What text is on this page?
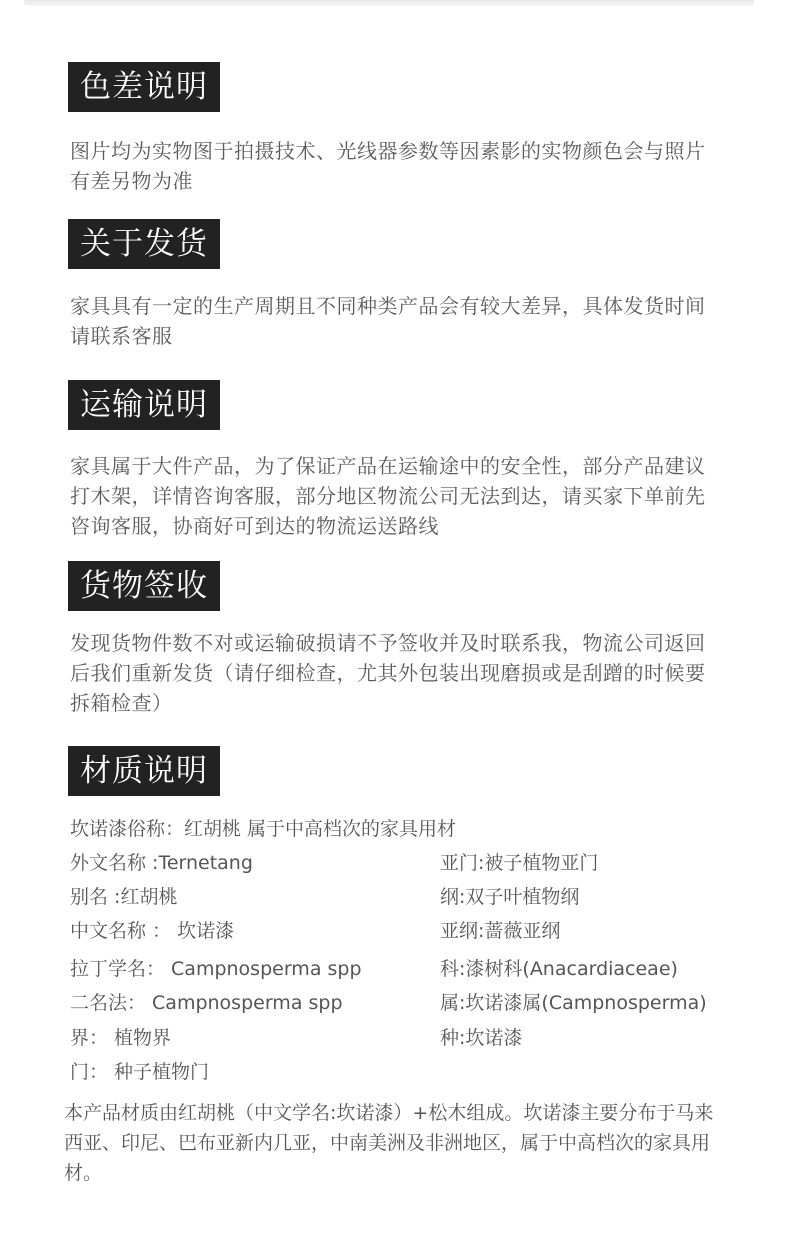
色差说明

图片均为实物图于拍摄技术、光线器参数等因素影的实物颜色会与照片有差另物为准

关于发货

家具具有一定的生产周期且不同种类产品会有较大差异，具体发货时间请联系客服

运输说明

家具属于大件产品，为了保证产品在运输途中的安全性，部分产品建议打木架，详情咨询客服，部分地区物流公司无法到达，请买家下单前先咨询客服，协商好可到达的物流运送路线

货物签收

发现货物件数不对或运输破损请不予签收并及时联系我，物流公司返回后我们重新发货（请仔细检查，尤其外包装出现磨损或是刮蹭的时候要拆箱检查）

材质说明
坎诺漆俗称：红胡桃 属于中高档次的家具用材
外文名称 :Ternetang
别名 :红胡桃
中文名称 ： 坎诺漆
拉丁学名： Campnosperma spp
二名法： Campnosperma spp
界： 植物界
门： 种子植物门
亚门:被子植物亚门
纲:双子叶植物纲
亚纲:蔷薇亚纲
科:漆树科(Anacardiaceae)
属:坎诺漆属(Campnosperma)
种:坎诺漆

本产品材质由红胡桃（中文学名:坎诺漆）+松木组成。坎诺漆主要分布于马来西亚、印尼、巴布亚新内几亚，中南美洲及非洲地区，属于中高档次的家具用材。
